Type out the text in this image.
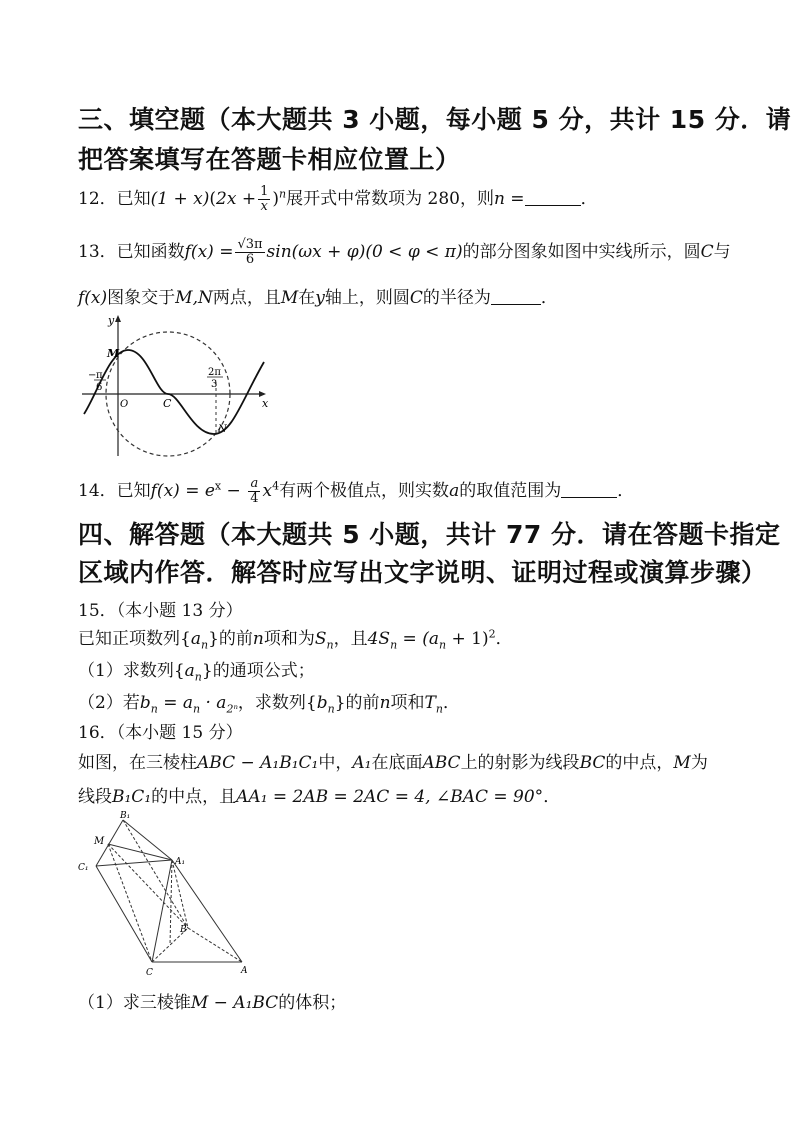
三、填空题（本大题共 3 小题，每小题 5 分，共计 15 分．请
把答案填写在答题卡相应位置上）
12．已知$(1 + x)(2x + \frac{1}{x} )^n$展开式中常数项为 280，则n =	．
13．已知函数$f(x) = \frac{√3\pi}{6} \sin(\omega x + \varphi)(0 < \varphi < \pi)$的部分图象如图中实线所示，圆C与
f(x)图象交于M,N两点，且M在y轴上，则圆C的半径为	．
y
x
M
O	C
N
− π
6
2π
3
14．已知$f(x) = e^x - \frac{a}{4} x^4$有两个极值点，则实数a的取值范围为	．
四、解答题（本大题共 5 小题，共计 77 分．请在答题卡指定
区域内作答．解答时应写出文字说明、证明过程或演算步骤）
15．（本小题 13 分）
已知正项数列$\{a_n\}$的前n项和为$S_n$，且$4S_n = (a_n + 1)^2$．
（1）求数列$\{a_n\}$的通项公式；
（2）若$b_n = a_n \cdot a_{2^n}$，求数列$\{b_n\}$的前n项和$T_n$．
16．（本小题 15 分）
如图，在三棱柱ABC − A₁B₁C₁中，A₁在底面ABC上的射影为线段BC的中点，M为
线段B₁C₁的中点，且AA₁ = 2AB = 2AC = 4, ∠BAC = 90°．
B₁
M
C₁
A₁
B
C	A
（1）求三棱锥M − A₁BC的体积；
